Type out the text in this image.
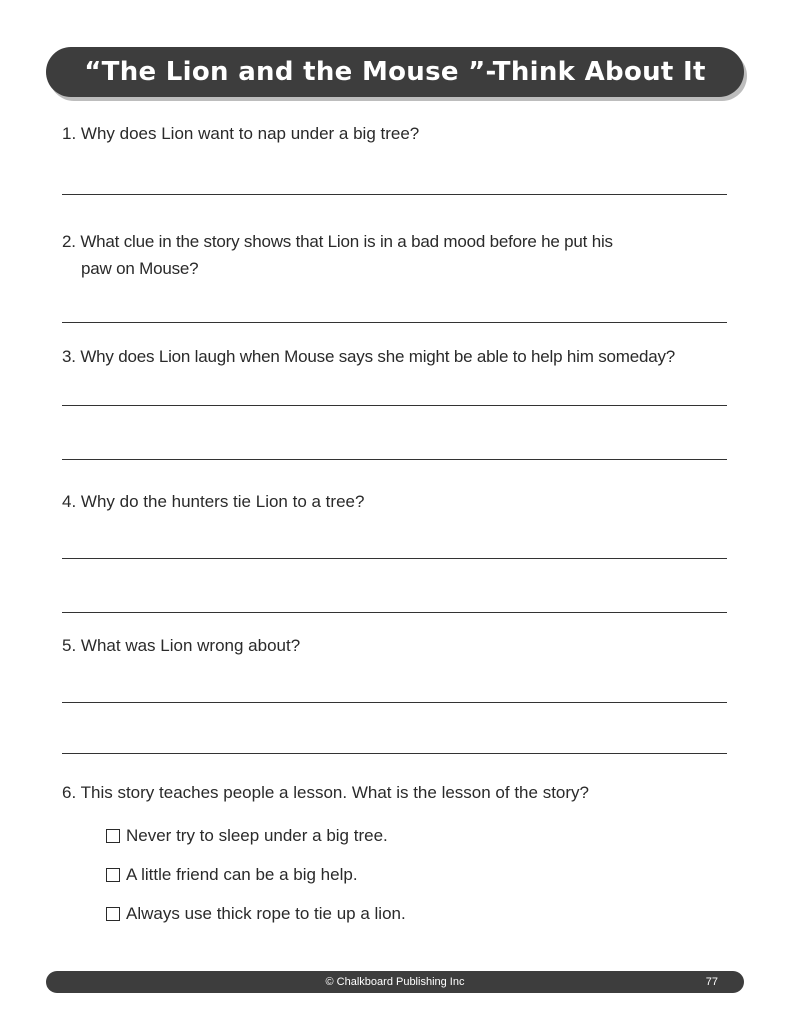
“The Lion and the Mouse ”-Think About It
1. Why does Lion want to nap under a big tree?
2. What clue in the story shows that Lion is in a bad mood before he put his
paw on Mouse?
3. Why does Lion laugh when Mouse says she might be able to help him someday?
4. Why do the hunters tie Lion to a tree?
5. What was Lion wrong about?
6. This story teaches people a lesson. What is the lesson of the story?
Never try to sleep under a big tree.
A little friend can be a big help.
Always use thick rope to tie up a lion.
© Chalkboard Publishing Inc	77
